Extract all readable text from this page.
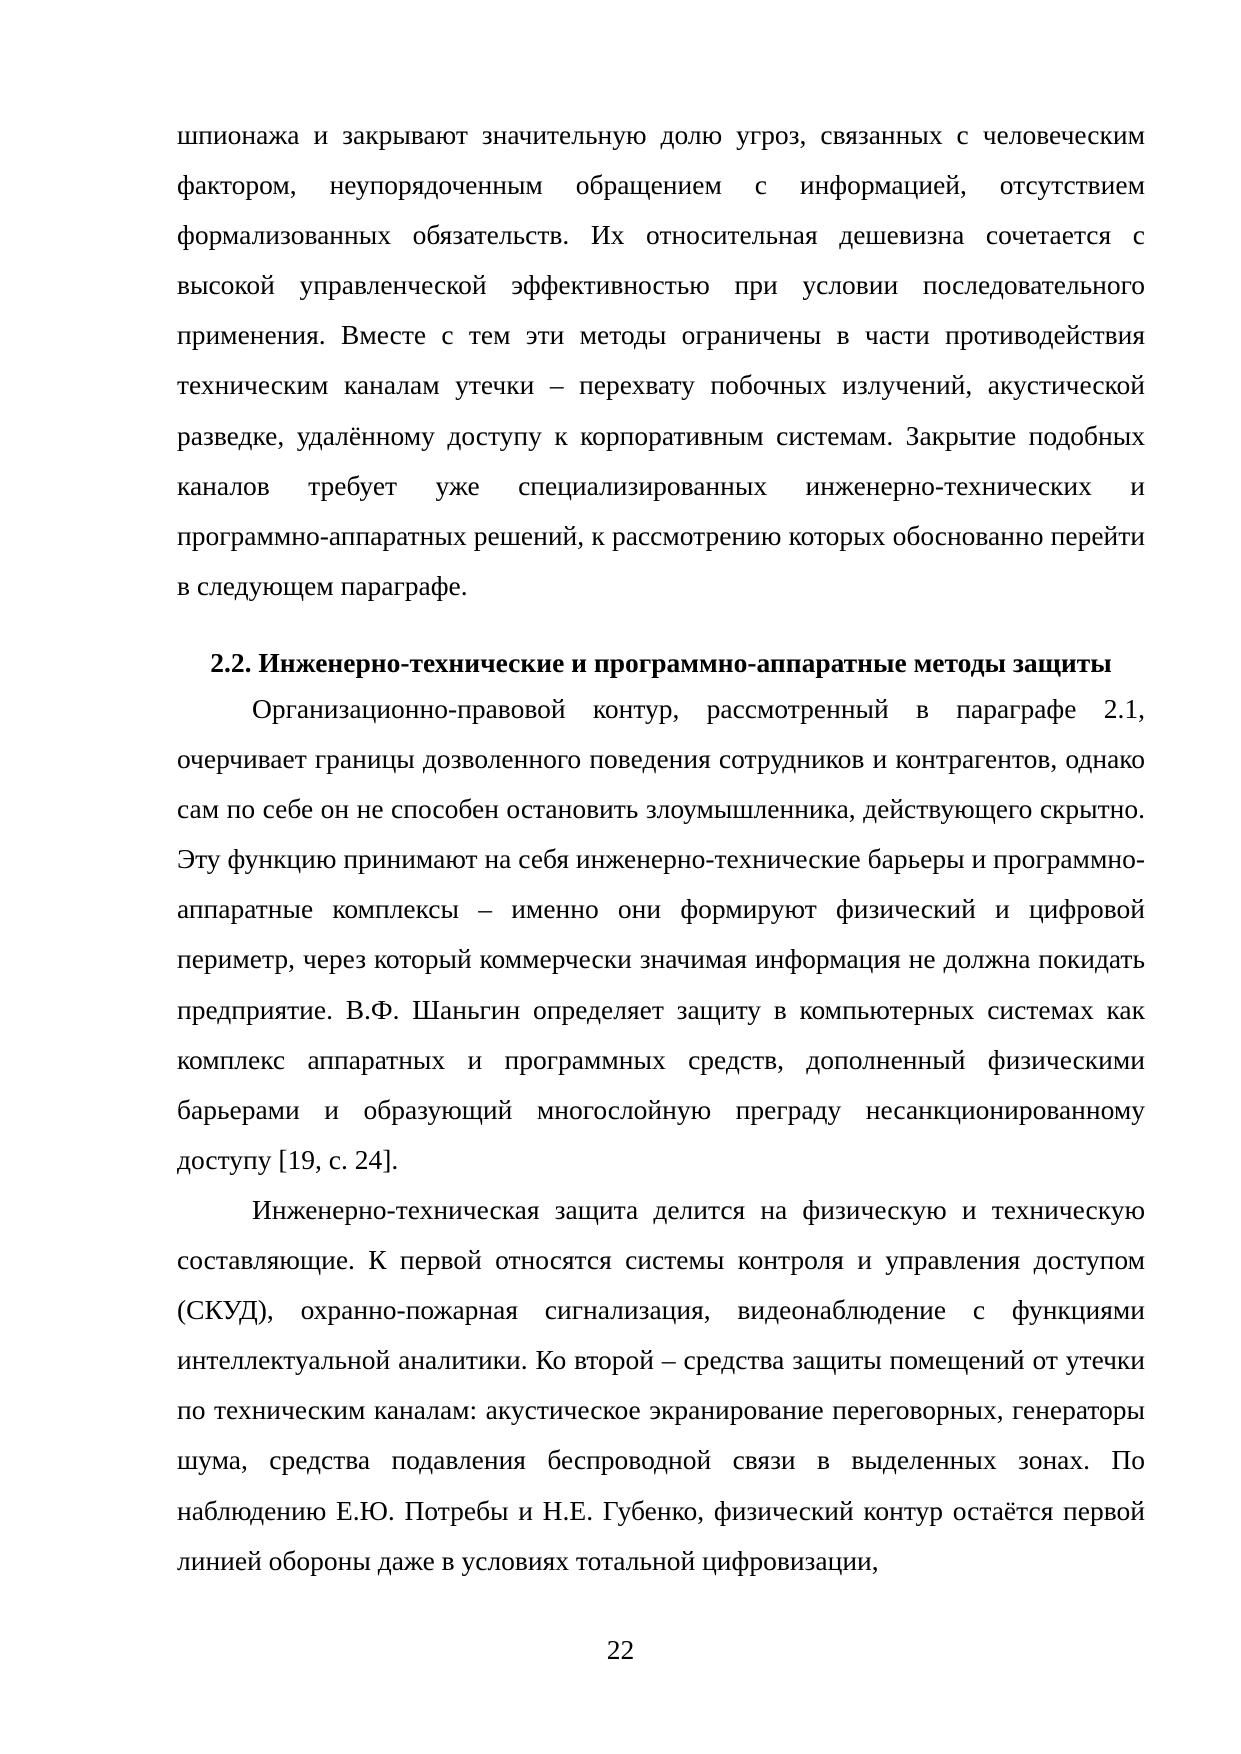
шпионажа и закрывают значительную долю угроз, связанных с человеческим фактором, неупорядоченным обращением с информацией, отсутствием формализованных обязательств. Их относительная дешевизна сочетается с высокой управленческой эффективностью при условии последовательного применения. Вместе с тем эти методы ограничены в части противодействия техническим каналам утечки – перехвату побочных излучений, акустической разведке, удалённому доступу к корпоративным системам. Закрытие подобных каналов требует уже специализированных инженерно-технических и программно-аппаратных решений, к рассмотрению которых обоснованно перейти в следующем параграфе.

2.2. Инженерно-технические и программно-аппаратные методы защиты

Организационно-правовой контур, рассмотренный в параграфе 2.1, очерчивает границы дозволенного поведения сотрудников и контрагентов, однако сам по себе он не способен остановить злоумышленника, действующего скрытно. Эту функцию принимают на себя инженерно-технические барьеры и программно-аппаратные комплексы – именно они формируют физический и цифровой периметр, через который коммерчески значимая информация не должна покидать предприятие. В.Ф. Шаньгин определяет защиту в компьютерных системах как комплекс аппаратных и программных средств, дополненный физическими барьерами и образующий многослойную преграду несанкционированному доступу [19, с. 24].

Инженерно-техническая защита делится на физическую и техническую составляющие. К первой относятся системы контроля и управления доступом (СКУД), охранно-пожарная сигнализация, видеонаблюдение с функциями интеллектуальной аналитики. Ко второй – средства защиты помещений от утечки по техническим каналам: акустическое экранирование переговорных, генераторы шума, средства подавления беспроводной связи в выделенных зонах. По наблюдению Е.Ю. Потребы и Н.Е. Губенко, физический контур остаётся первой линией обороны даже в условиях тотальной цифровизации,

22
